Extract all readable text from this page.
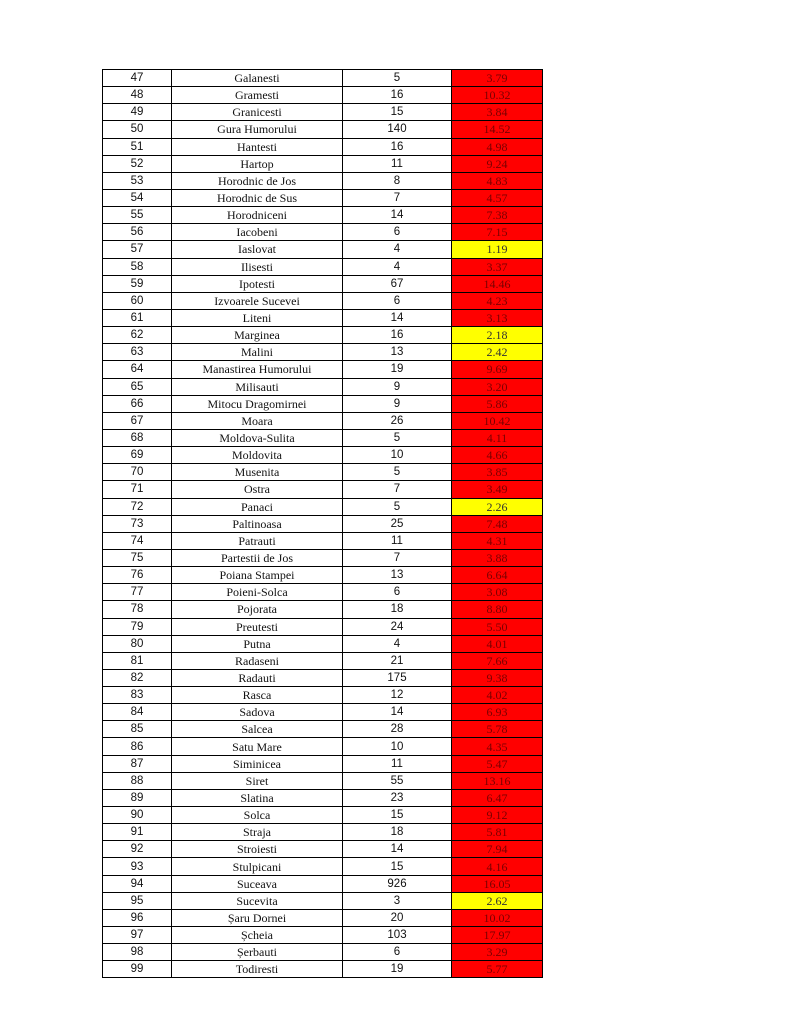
47	Galanesti	5	3.79
48	Gramesti	16	10.32
49	Granicesti	15	3.84
50	Gura Humorului	140	14.52
51	Hantesti	16	4.98
52	Hartop	11	9.24
53	Horodnic de Jos	8	4.83
54	Horodnic de Sus	7	4.57
55	Horodniceni	14	7.38
56	Iacobeni	6	7.15
57	Iaslovat	4	1.19
58	Ilisesti	4	3.37
59	Ipotesti	67	14.46
60	Izvoarele Sucevei	6	4.23
61	Liteni	14	3.13
62	Marginea	16	2.18
63	Malini	13	2.42
64	Manastirea Humorului	19	9.69
65	Milisauti	9	3.20
66	Mitocu Dragomirnei	9	5.86
67	Moara	26	10.42
68	Moldova-Sulita	5	4.11
69	Moldovita	10	4.66
70	Musenita	5	3.85
71	Ostra	7	3.49
72	Panaci	5	2.26
73	Paltinoasa	25	7.48
74	Patrauti	11	4.31
75	Partestii de Jos	7	3.88
76	Poiana Stampei	13	6.64
77	Poieni-Solca	6	3.08
78	Pojorata	18	8.80
79	Preutesti	24	5.50
80	Putna	4	4.01
81	Radaseni	21	7.66
82	Radauti	175	9.38
83	Rasca	12	4.02
84	Sadova	14	6.93
85	Salcea	28	5.78
86	Satu Mare	10	4.35
87	Siminicea	11	5.47
88	Siret	55	13.16
89	Slatina	23	6.47
90	Solca	15	9.12
91	Straja	18	5.81
92	Stroiesti	14	7.94
93	Stulpicani	15	4.16
94	Suceava	926	16.05
95	Sucevita	3	2.62
96	Șaru Dornei	20	10.02
97	Șcheia	103	17.97
98	Șerbauti	6	3.29
99	Todiresti	19	5.77
